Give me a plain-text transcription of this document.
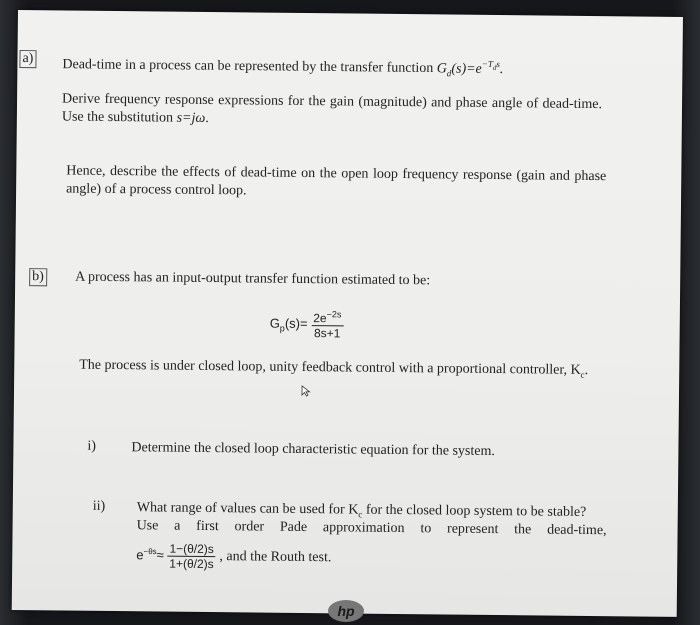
a) Dead-time in a process can be represented by the transfer function $G_d(s)=e^{-T_ds}$.
Derive frequency response expressions for the gain (magnitude) and phase angle of dead-time. Use the substitution s=jω.
Hence, describe the effects of dead-time on the open loop frequency response (gain and phase angle) of a process control loop.
b) A process has an input-output transfer function estimated to be:
$G_p(s)= \frac{2e^{-2s}}{8s+1}$
The process is under closed loop, unity feedback control with a proportional controller, $K_c$.
i)	Determine the closed loop characteristic equation for the system.
ii) What range of values can be used for $K_c$ for the closed loop system to be stable?
Use a first order Pade approximation to represent the dead-time,
$e^{-\theta s}\approx \frac{1-(\theta/2)s}{1+(\theta/2)s}$ , and the Routh test.
hp
